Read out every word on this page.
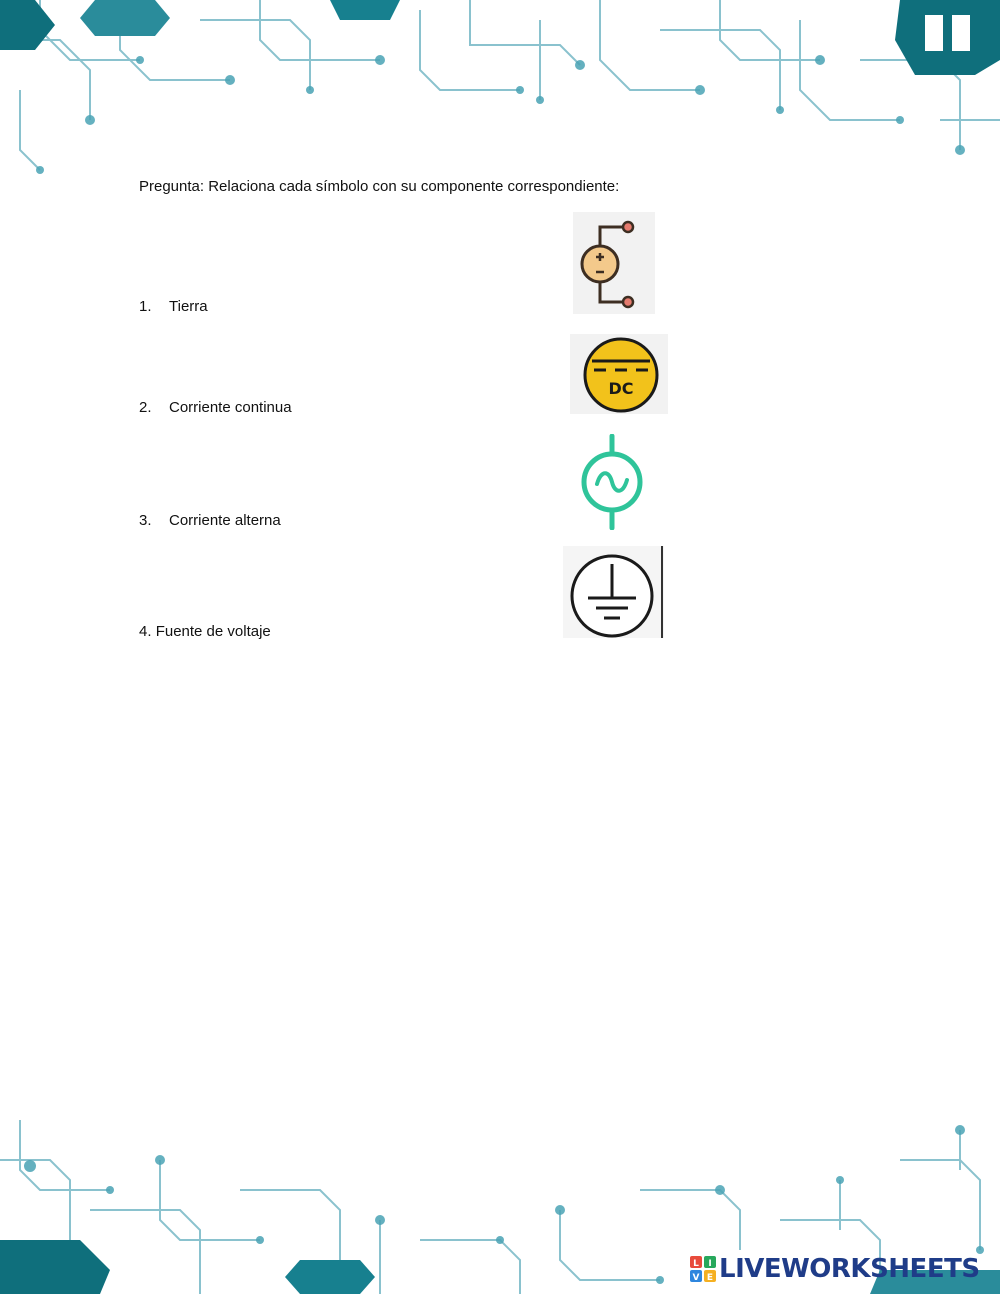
Pregunta: Relaciona cada símbolo con su componente correspondiente:

1. Tierra
2. Corriente continua
3. Corriente alterna
4. Fuente de voltaje
DC
L I
V E LIVEWORKSHEETS
